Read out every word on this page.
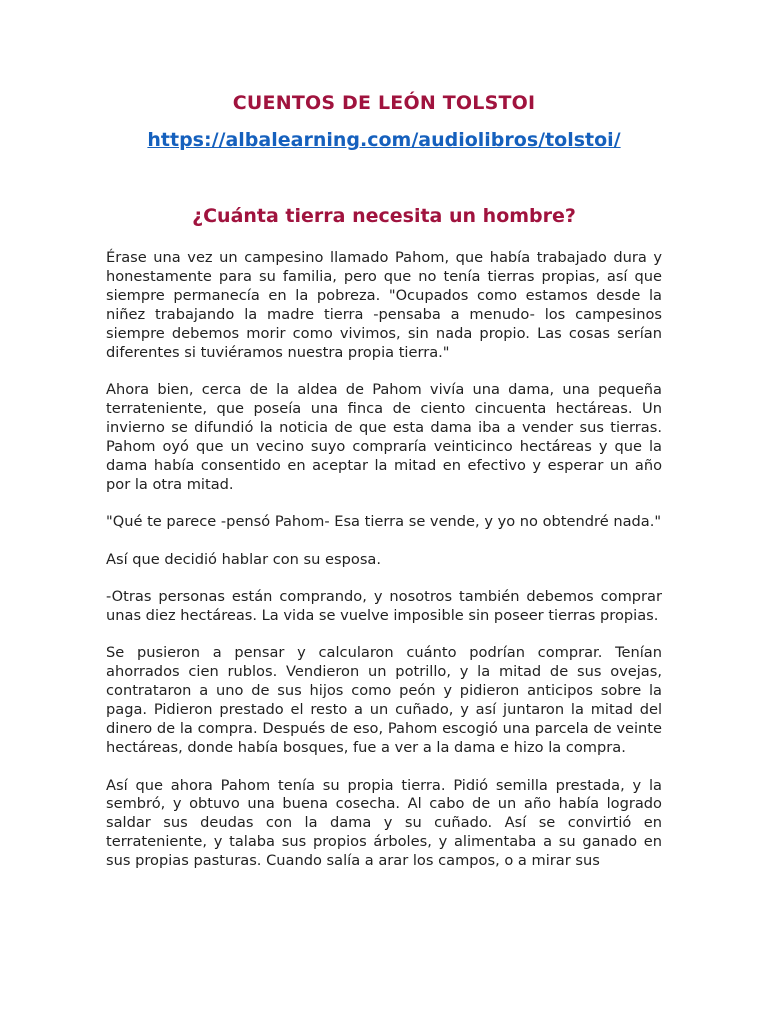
CUENTOS DE LEÓN TOLSTOI
https://albalearning.com/audiolibros/tolstoi/
¿Cuánta tierra necesita un hombre?

Érase una vez un campesino llamado Pahom, que había trabajado dura y honestamente para su familia, pero que no tenía tierras propias, así que siempre permanecía en la pobreza. "Ocupados como estamos desde la niñez trabajando la madre tierra -pensaba a menudo- los campesinos siempre debemos morir como vivimos, sin nada propio. Las cosas serían diferentes si tuviéramos nuestra propia tierra."

Ahora bien, cerca de la aldea de Pahom vivía una dama, una pequeña terrateniente, que poseía una finca de ciento cincuenta hectáreas. Un invierno se difundió la noticia de que esta dama iba a vender sus tierras. Pahom oyó que un vecino suyo compraría veinticinco hectáreas y que la dama había consentido en aceptar la mitad en efectivo y esperar un año por la otra mitad.

"Qué te parece -pensó Pahom- Esa tierra se vende, y yo no obtendré nada."

Así que decidió hablar con su esposa.

-Otras personas están comprando, y nosotros también debemos comprar unas diez hectáreas. La vida se vuelve imposible sin poseer tierras propias.

Se pusieron a pensar y calcularon cuánto podrían comprar. Tenían ahorrados cien rublos. Vendieron un potrillo, y la mitad de sus ovejas, contrataron a uno de sus hijos como peón y pidieron anticipos sobre la paga. Pidieron prestado el resto a un cuñado, y así juntaron la mitad del dinero de la compra. Después de eso, Pahom escogió una parcela de veinte hectáreas, donde había bosques, fue a ver a la dama e hizo la compra.

Así que ahora Pahom tenía su propia tierra. Pidió semilla prestada, y la sembró, y obtuvo una buena cosecha. Al cabo de un año había logrado saldar sus deudas con la dama y su cuñado. Así se convirtió en terrateniente, y talaba sus propios árboles, y alimentaba a su ganado en sus propias pasturas. Cuando salía a arar los campos, o a mirar sus
